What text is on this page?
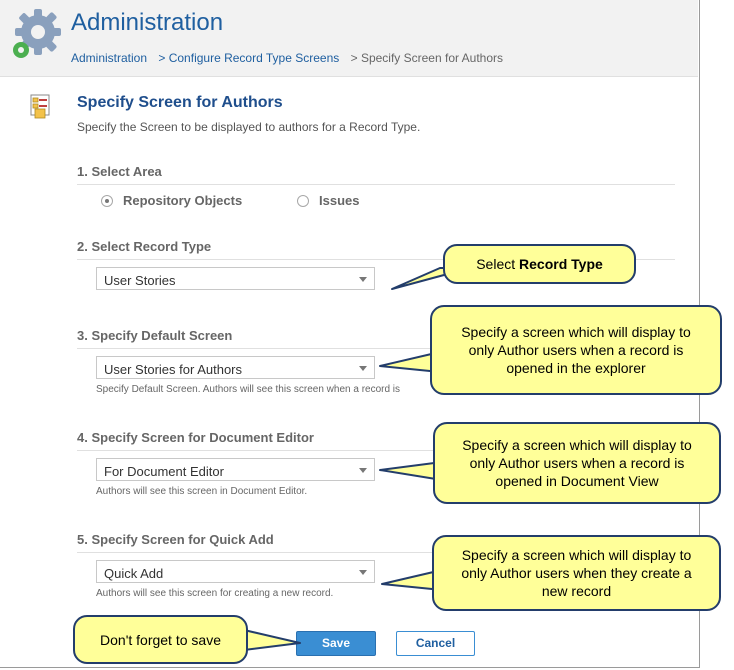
Administration
Administration > Configure Record Type Screens > Specify Screen for Authors
Specify Screen for Authors
Specify the Screen to be displayed to authors for a Record Type.
1. Select Area
Repository Objects	Issues
2. Select Record Type
User Stories
3. Specify Default Screen
User Stories for Authors
Specify Default Screen. Authors will see this screen when a record is
4. Specify Screen for Document Editor
For Document Editor
Authors will see this screen in Document Editor.
5. Specify Screen for Quick Add
Quick Add
Authors will see this screen for creating a new record.
Save	Cancel
Select Record Type
Specify a screen which will display to only Author users when a record is opened in the explorer
Specify a screen which will display to only Author users when a record is opened in Document View
Specify a screen which will display to only Author users when they create a new record
Don't forget to save
